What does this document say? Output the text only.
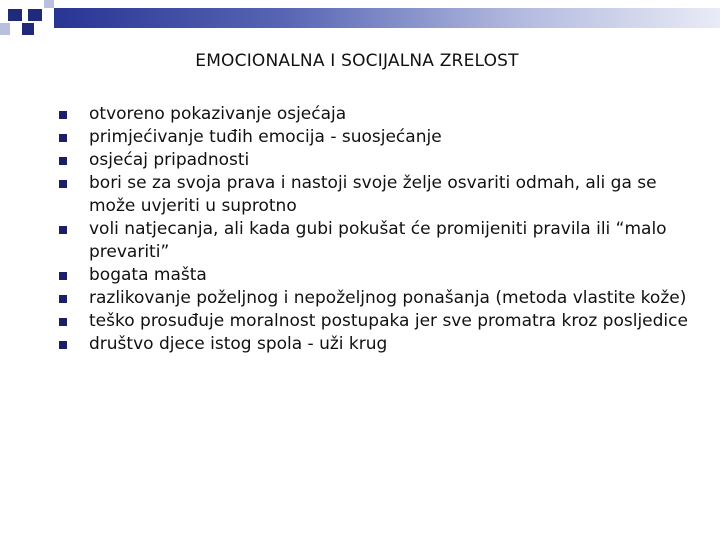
EMOCIONALNA I SOCIJALNA ZRELOST
otvoreno pokazivanje osjećaja
primjećivanje tuđih emocija - suosjećanje
osjećaj pripadnosti
bori se za svoja prava i nastoji svoje želje osvariti odmah, ali ga se može uvjeriti u suprotno
voli natjecanja, ali kada gubi pokušat će promijeniti pravila ili “malo prevariti”
bogata mašta
razlikovanje poželjnog i nepoželjnog ponašanja (metoda vlastite kože)
teško prosuđuje moralnost postupaka jer sve promatra kroz posljedice
društvo djece istog spola - uži krug
